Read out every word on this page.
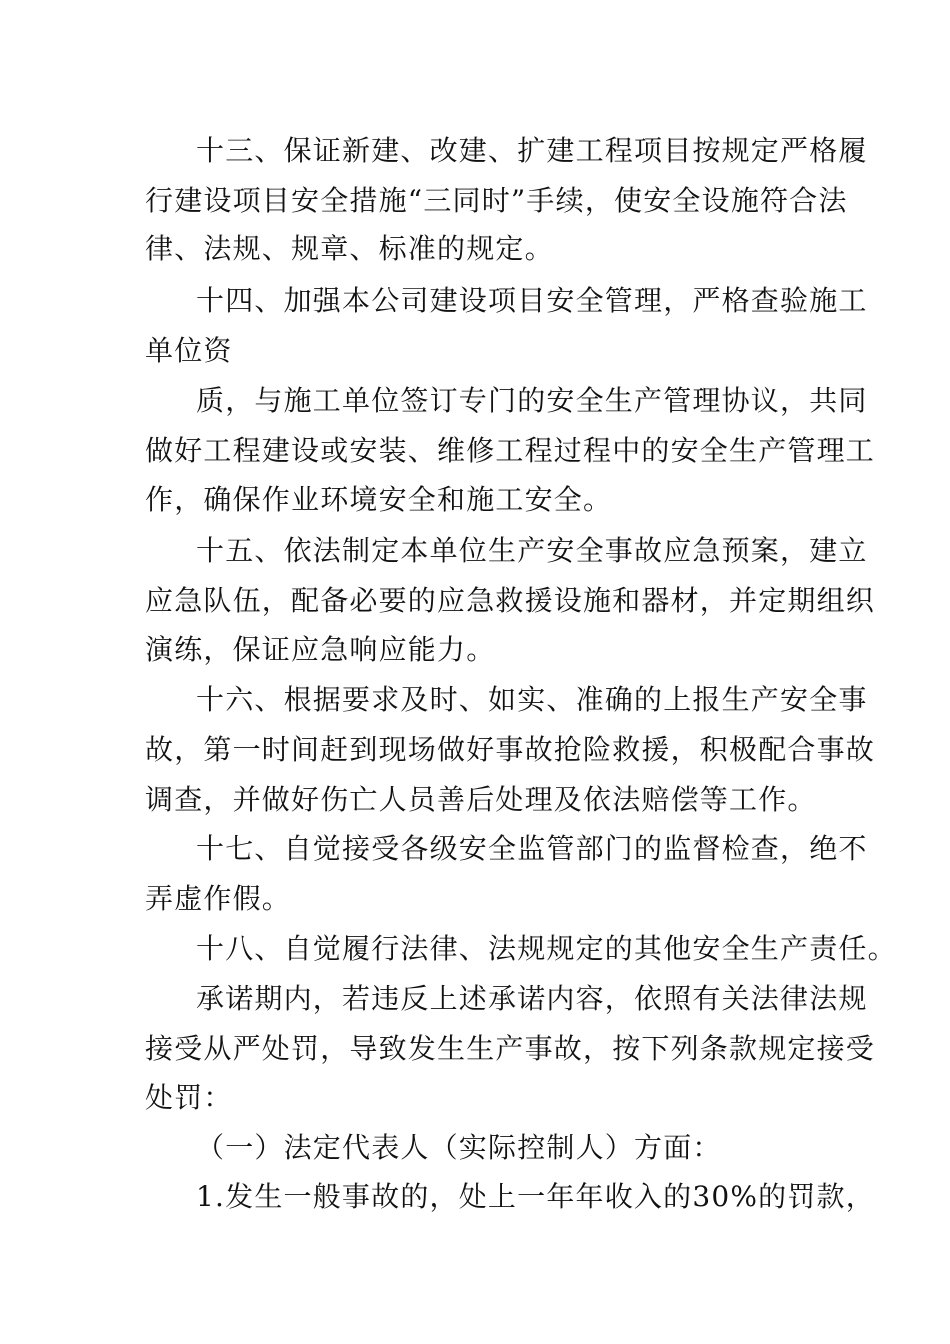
十三、保证新建、改建、扩建工程项目按规定严格履
行建设项目安全措施“三同时”手续，使安全设施符合法
律、法规、规章、标准的规定。
十四、加强本公司建设项目安全管理，严格查验施工
单位资
质，与施工单位签订专门的安全生产管理协议，共同
做好工程建设或安装、维修工程过程中的安全生产管理工
作，确保作业环境安全和施工安全。
十五、依法制定本单位生产安全事故应急预案，建立
应急队伍，配备必要的应急救援设施和器材，并定期组织
演练，保证应急响应能力。
十六、根据要求及时、如实、准确的上报生产安全事
故，第一时间赶到现场做好事故抢险救援，积极配合事故
调查，并做好伤亡人员善后处理及依法赔偿等工作。
十七、自觉接受各级安全监管部门的监督检查，绝不
弄虚作假。
十八、自觉履行法律、法规规定的其他安全生产责任。
承诺期内，若违反上述承诺内容，依照有关法律法规
接受从严处罚，导致发生生产事故，按下列条款规定接受
处罚：
（一）法定代表人（实际控制人）方面：
1.发生一般事故的，处上一年年收入的30%的罚款，
